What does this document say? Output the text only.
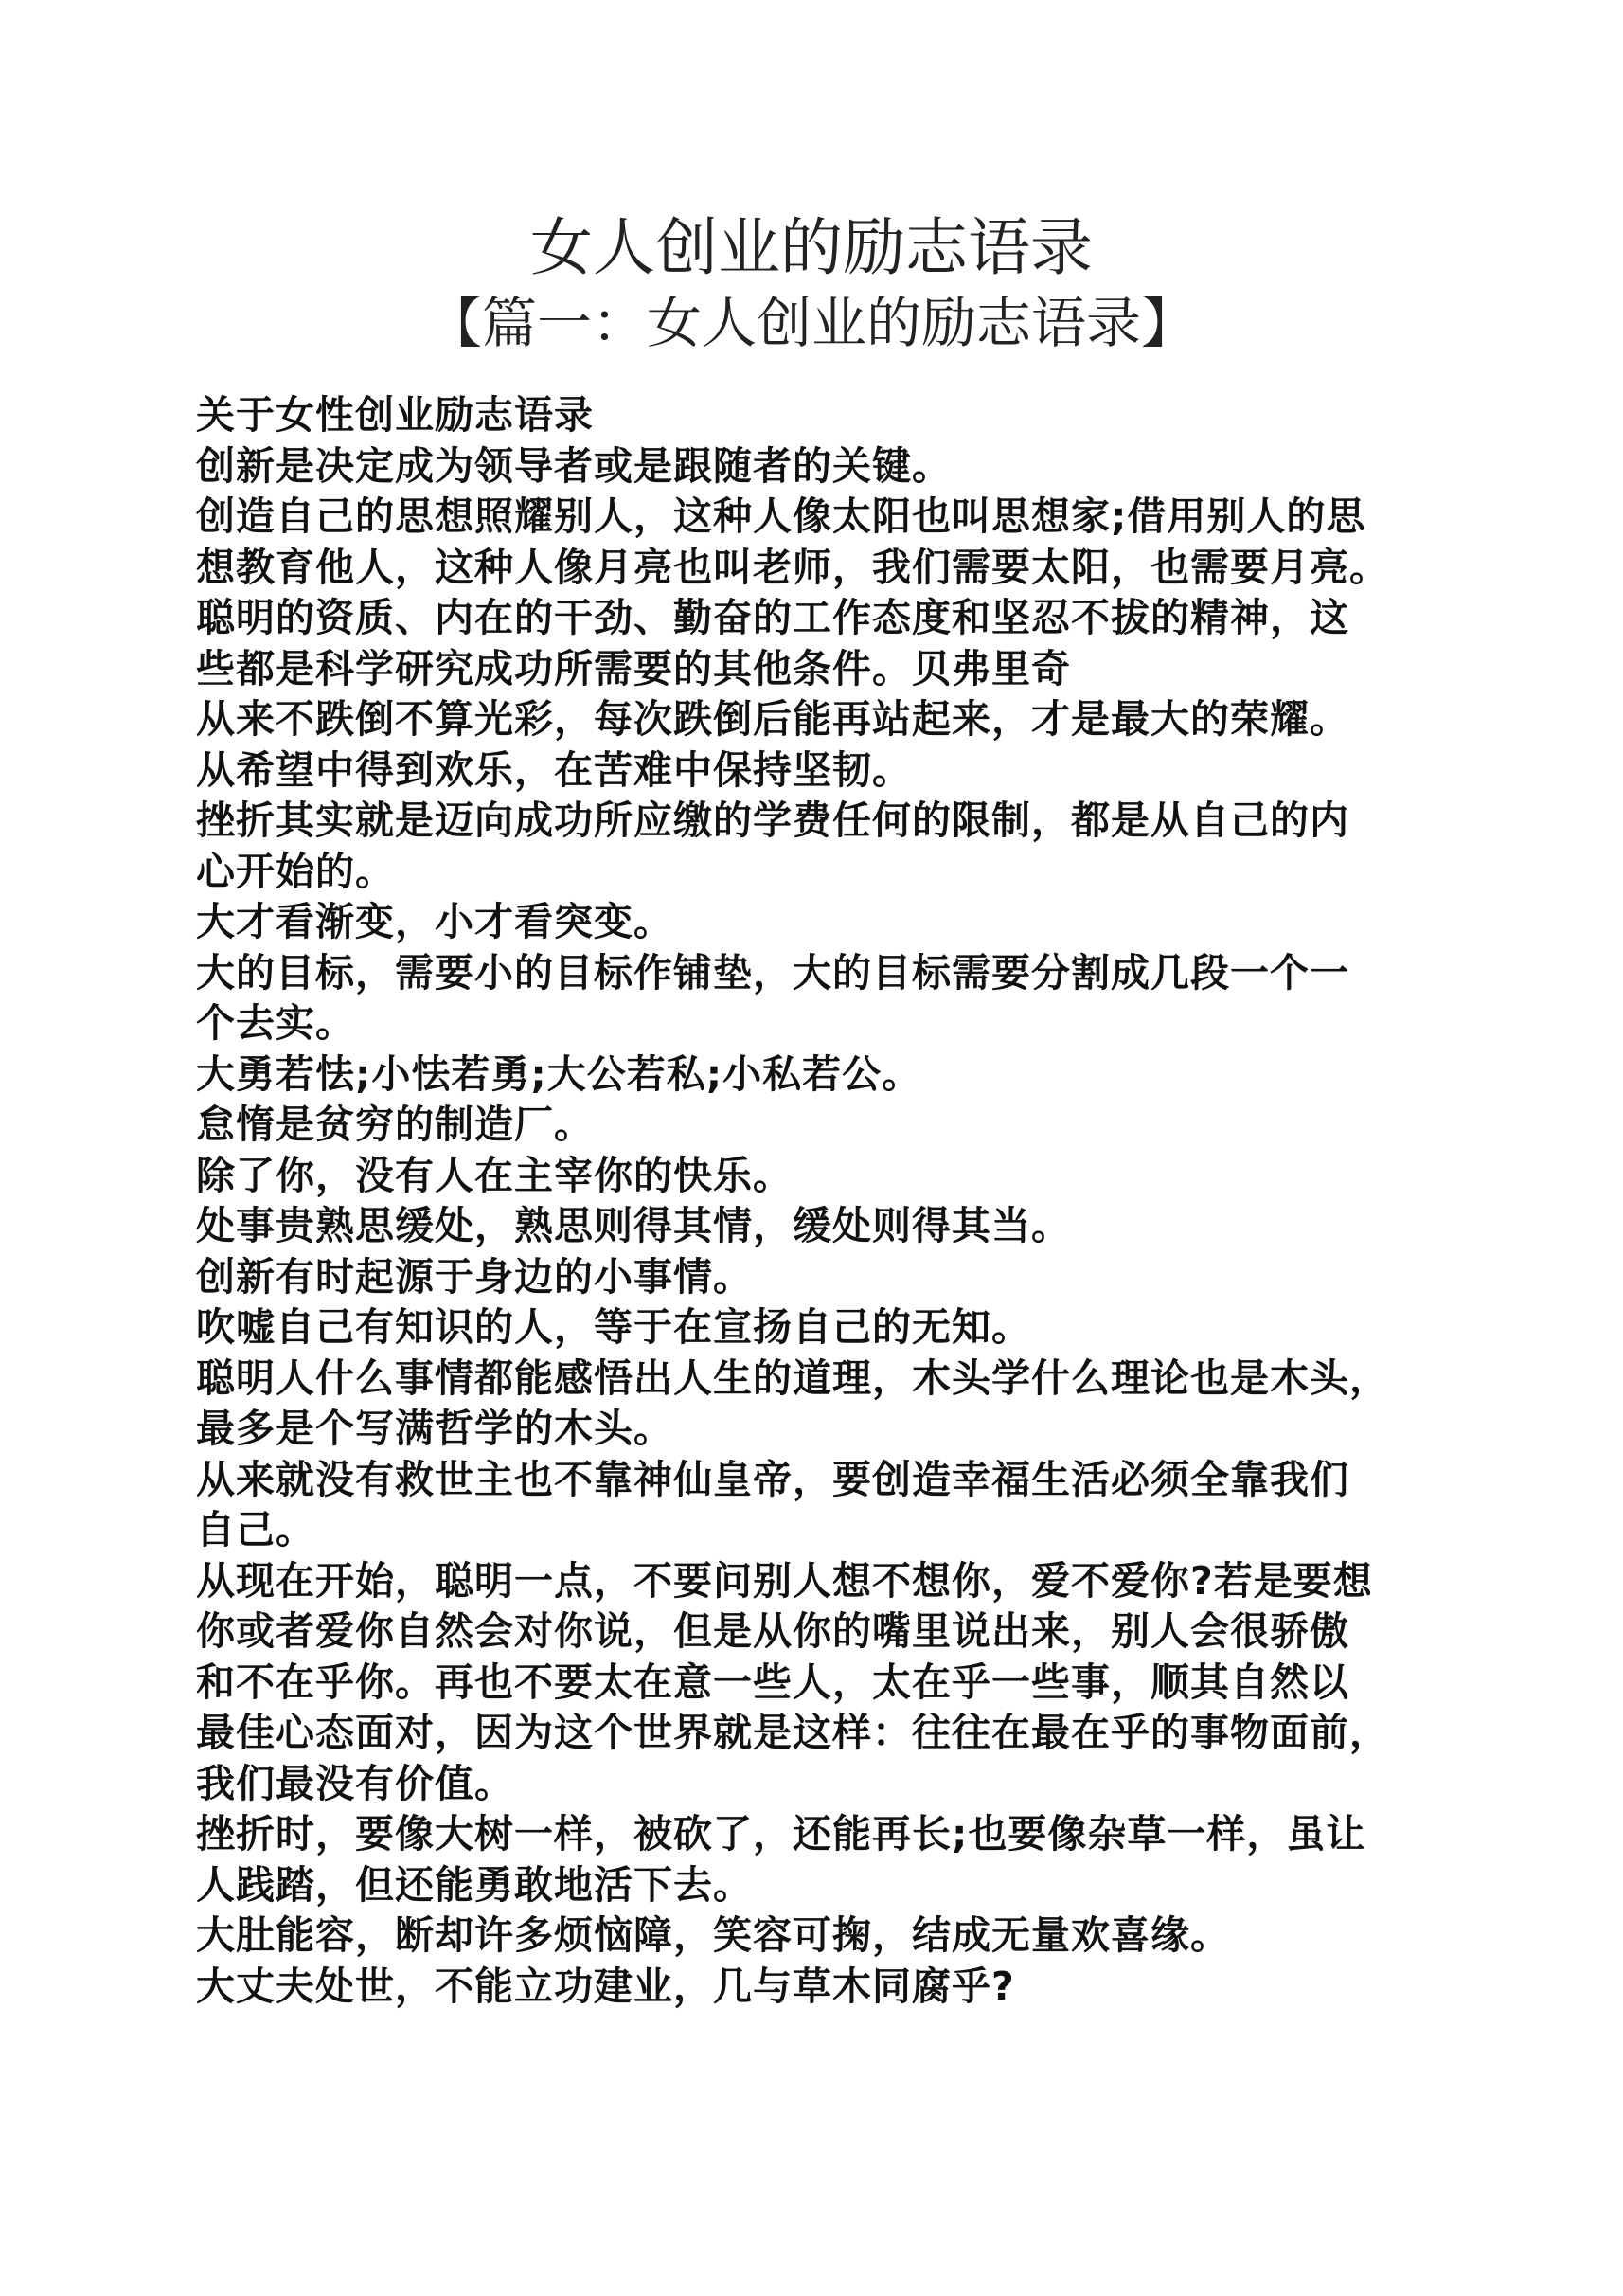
女人创业的励志语录
【篇一：女人创业的励志语录】
关于女性创业励志语录
创新是决定成为领导者或是跟随者的关键。
创造自己的思想照耀别人，这种人像太阳也叫思想家;借用别人的思
想教育他人，这种人像月亮也叫老师，我们需要太阳，也需要月亮。
聪明的资质、内在的干劲、勤奋的工作态度和坚忍不拔的精神，这
些都是科学研究成功所需要的其他条件。贝弗里奇
从来不跌倒不算光彩，每次跌倒后能再站起来，才是最大的荣耀。
从希望中得到欢乐，在苦难中保持坚韧。
挫折其实就是迈向成功所应缴的学费任何的限制，都是从自己的内
心开始的。
大才看渐变，小才看突变。
大的目标，需要小的目标作铺垫，大的目标需要分割成几段一个一
个去实。
大勇若怯;小怯若勇;大公若私;小私若公。
怠惰是贫穷的制造厂。
除了你，没有人在主宰你的快乐。
处事贵熟思缓处，熟思则得其情，缓处则得其当。
创新有时起源于身边的小事情。
吹嘘自己有知识的人，等于在宣扬自己的无知。
聪明人什么事情都能感悟出人生的道理，木头学什么理论也是木头，
最多是个写满哲学的木头。
从来就没有救世主也不靠神仙皇帝，要创造幸福生活必须全靠我们
自己。
从现在开始，聪明一点，不要问别人想不想你，爱不爱你?若是要想
你或者爱你自然会对你说，但是从你的嘴里说出来，别人会很骄傲
和不在乎你。再也不要太在意一些人，太在乎一些事，顺其自然以
最佳心态面对，因为这个世界就是这样：往往在最在乎的事物面前，
我们最没有价值。
挫折时，要像大树一样，被砍了，还能再长;也要像杂草一样，虽让
人践踏，但还能勇敢地活下去。
大肚能容，断却许多烦恼障，笑容可掬，结成无量欢喜缘。
大丈夫处世，不能立功建业，几与草木同腐乎?
